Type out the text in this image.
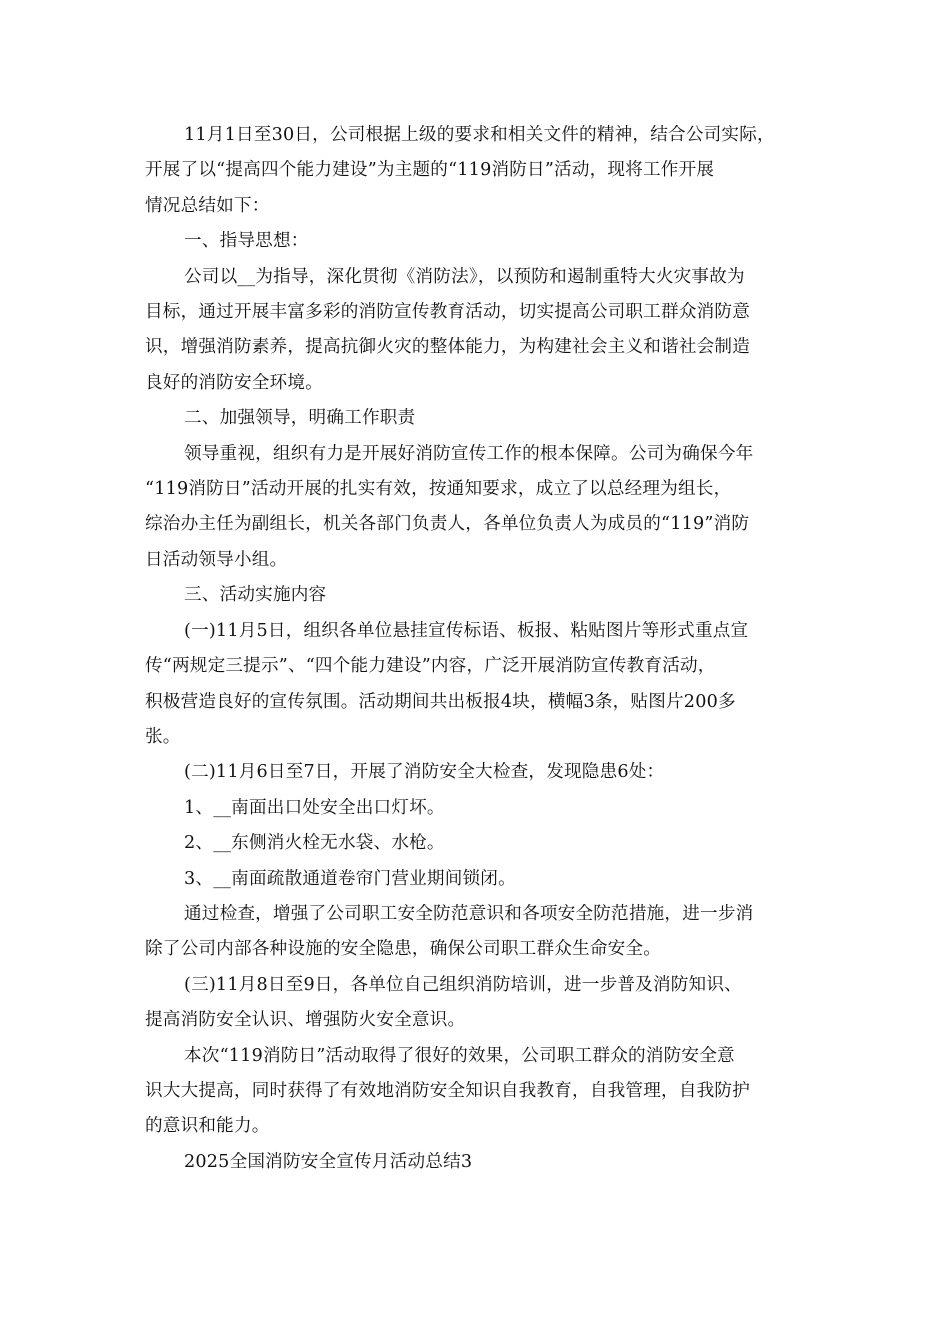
11月1日至30日，公司根据上级的要求和相关文件的精神，结合公司实际，

开展了以“提高四个能力建设”为主题的“119消防日”活动，现将工作开展

情况总结如下：

一、指导思想：

公司以__为指导，深化贯彻《消防法》，以预防和遏制重特大火灾事故为

目标，通过开展丰富多彩的消防宣传教育活动，切实提高公司职工群众消防意

识，增强消防素养，提高抗御火灾的整体能力，为构建社会主义和谐社会制造

良好的消防安全环境。

二、加强领导，明确工作职责

领导重视，组织有力是开展好消防宣传工作的根本保障。公司为确保今年

“119消防日”活动开展的扎实有效，按通知要求，成立了以总经理为组长，

综治办主任为副组长，机关各部门负责人，各单位负责人为成员的“119”消防

日活动领导小组。

三、活动实施内容

(一)11月5日，组织各单位悬挂宣传标语、板报、粘贴图片等形式重点宣

传“两规定三提示”、“四个能力建设”内容，广泛开展消防宣传教育活动，

积极营造良好的宣传氛围。活动期间共出板报4块，横幅3条，贴图片200多

张。

(二)11月6日至7日，开展了消防安全大检查，发现隐患6处：

1、__南面出口处安全出口灯坏。

2、__东侧消火栓无水袋、水枪。

3、__南面疏散通道卷帘门营业期间锁闭。

通过检查，增强了公司职工安全防范意识和各项安全防范措施，进一步消

除了公司内部各种设施的安全隐患，确保公司职工群众生命安全。

(三)11月8日至9日，各单位自己组织消防培训，进一步普及消防知识、

提高消防安全认识、增强防火安全意识。

本次“119消防日”活动取得了很好的效果，公司职工群众的消防安全意

识大大提高，同时获得了有效地消防安全知识自我教育，自我管理，自我防护

的意识和能力。

2025全国消防安全宣传月活动总结3
